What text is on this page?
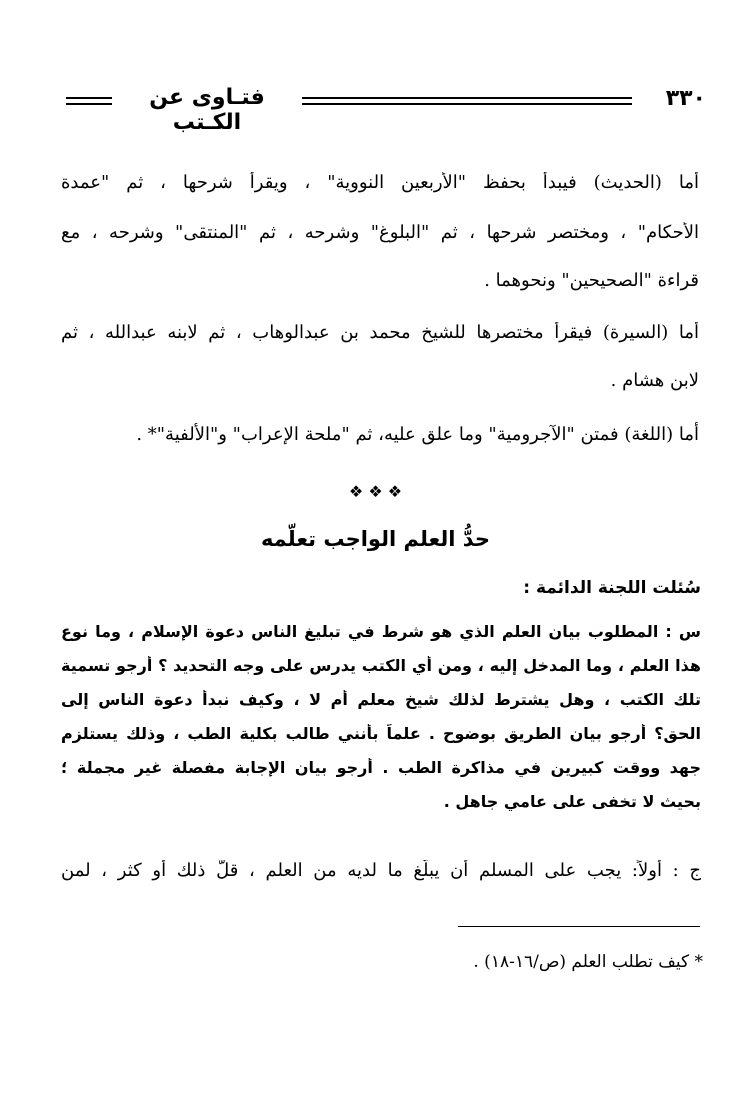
فتـاوى عن الكـتب
٣٣٠
أما (الحديث) فيبدأ بحفظ "الأربعين النووية" ، ويقرأ شرحها ، ثم "عمدة
الأحكام" ، ومختصر شرحها ، ثم "البلوغ" وشرحه ، ثم "المنتقى" وشرحه ، مع
قراءة "الصحيحين" ونحوهما .
أما (السيرة) فيقرأ مختصرها للشيخ محمد بن عبدالوهاب ، ثم لابنه عبدالله ، ثم
لابن هشام .
أما (اللغة) فمتن "الآجرومية" وما علق عليه، ثم "ملحة الإعراب" و"الألفية"* .
❖ ❖ ❖
حدُّ العلم الواجب تعلّمه
سُئلت اللجنة الدائمة :
س : المطلوب بيان العلم الذي هو شرط في تبليغ الناس دعوة الإسلام ، وما نوع
هذا العلم ، وما المدخل إليه ، ومن أي الكتب يدرس على وجه التحديد ؟ أرجو تسمية
تلك الكتب ، وهل يشترط لذلك شيخ معلم أم لا ، وكيف نبدأ دعوة الناس إلى
الحق؟ أرجو بيان الطريق بوضوح . علماً بأنني طالب بكلية الطب ، وذلك يستلزم
جهد ووقت كبيرين في مذاكرة الطب . أرجو بيان الإجابة مفصلة غير مجملة ؛
بحيث لا تخفى على عامي جاهل .
ج : أولاً: يجب على المسلم أن يبلّغ ما لديه من العلم ، قلَّ ذلك أو كثر ، لمن
* كيف تطلب العلم (ص/١٦-١٨) .
